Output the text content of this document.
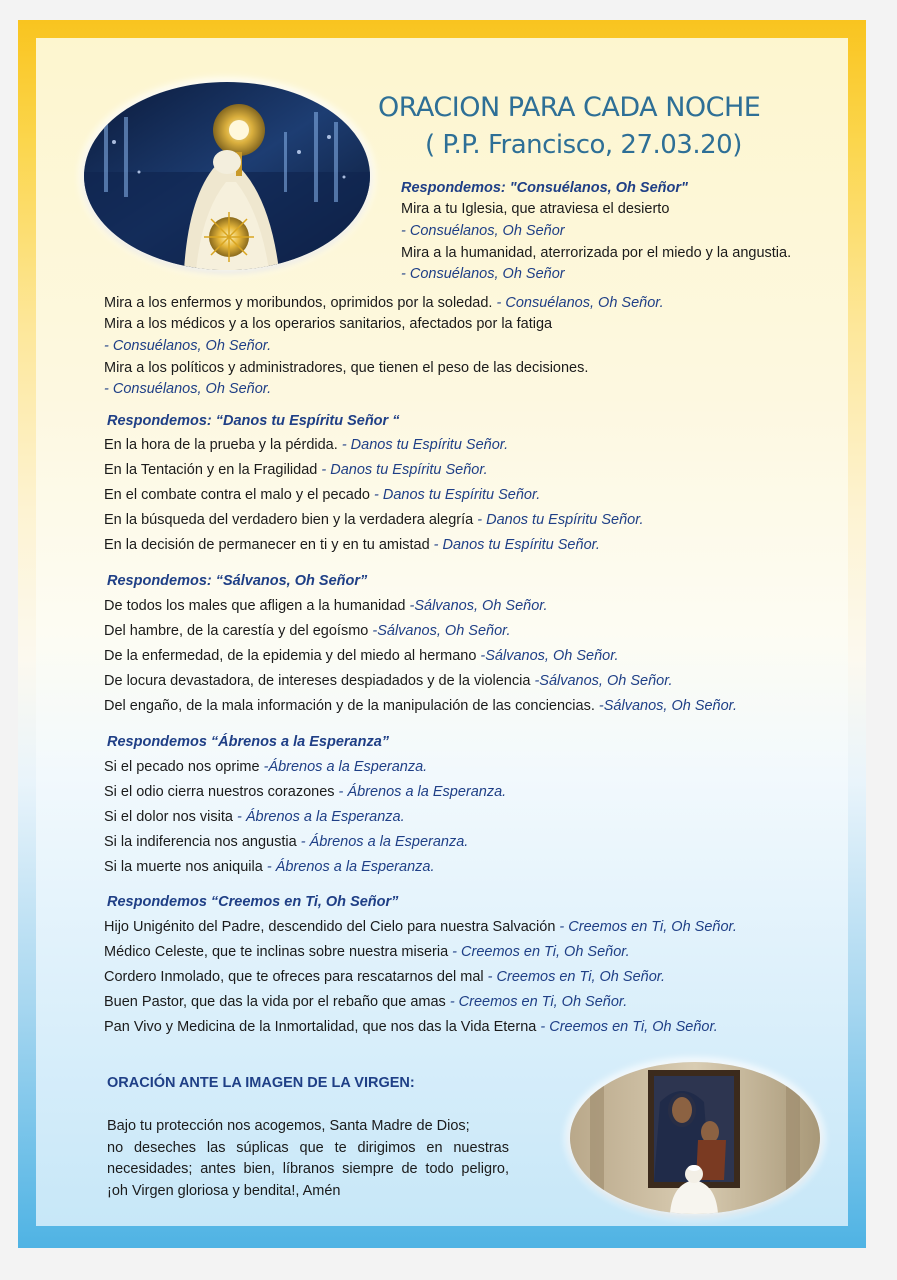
ORACION PARA CADA NOCHE
( P.P. Francisco, 27.03.20)
Respondemos: "Consuélanos, Oh Señor"
Mira a tu Iglesia, que atraviesa el desierto
- Consuélanos, Oh Señor
Mira a la humanidad, aterrorizada por el miedo y la angustia.
- Consuélanos, Oh Señor
Mira a los enfermos y moribundos, oprimidos por la soledad. - Consuélanos, Oh Señor.
Mira a los médicos y a los operarios sanitarios, afectados por la fatiga
- Consuélanos, Oh Señor.
Mira a los políticos y administradores, que tienen el peso de las decisiones.
- Consuélanos, Oh Señor.
Respondemos: “Danos tu Espíritu Señor “
En la hora de la prueba y la pérdida. - Danos tu Espíritu Señor.
En la Tentación y en la Fragilidad - Danos tu Espíritu Señor.
En el combate contra el malo y el pecado - Danos tu Espíritu Señor.
En la búsqueda del verdadero bien y la verdadera alegría - Danos tu Espíritu Señor.
En la decisión de permanecer en ti y en tu amistad - Danos tu Espíritu Señor.
Respondemos: “Sálvanos, Oh Señor”
De todos los males que afligen a la humanidad -Sálvanos, Oh Señor.
Del hambre, de la carestía y del egoísmo -Sálvanos, Oh Señor.
De la enfermedad, de la epidemia y del miedo al hermano -Sálvanos, Oh Señor.
De locura devastadora, de intereses despiadados y de la violencia -Sálvanos, Oh Señor.
Del engaño, de la mala información y de la manipulación de las conciencias. -Sálvanos, Oh Señor.
Respondemos “Ábrenos a la Esperanza”
Si el pecado nos oprime -Ábrenos a la Esperanza.
Si el odio cierra nuestros corazones - Ábrenos a la Esperanza.
Si el dolor nos visita - Ábrenos a la Esperanza.
Si la indiferencia nos angustia - Ábrenos a la Esperanza.
Si la muerte nos aniquila - Ábrenos a la Esperanza.
Respondemos “Creemos en Ti, Oh Señor”
Hijo Unigénito del Padre, descendido del Cielo para nuestra Salvación - Creemos en Ti, Oh Señor.
Médico Celeste, que te inclinas sobre nuestra miseria - Creemos en Ti, Oh Señor.
Cordero Inmolado, que te ofreces para rescatarnos del mal - Creemos en Ti, Oh Señor.
Buen Pastor, que das la vida por el rebaño que amas - Creemos en Ti, Oh Señor.
Pan Vivo y Medicina de la Inmortalidad, que nos das la Vida Eterna - Creemos en Ti, Oh Señor.
ORACIÓN ANTE LA IMAGEN DE LA VIRGEN:
Bajo tu protección nos acogemos, Santa Madre de Dios;
no deseches las súplicas que te dirigimos en nuestras
necesidades; antes bien, líbranos siempre de todo peligro,
¡oh Virgen gloriosa y bendita!, Amén
